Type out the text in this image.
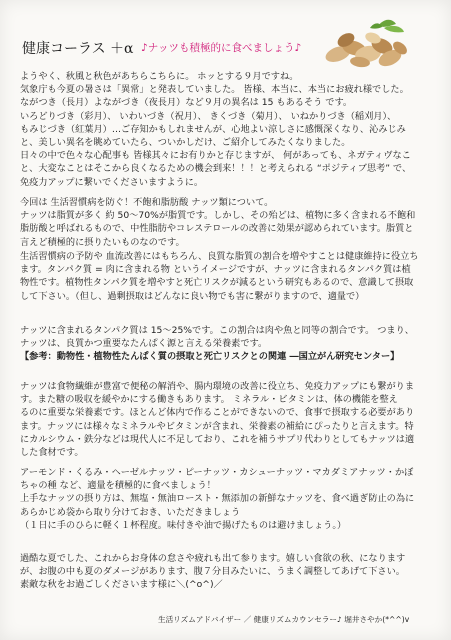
健康コーラス ＋α ♪ナッツも積極的に食べましょう♪
ようやく、秋風と秋色があちらこちらに。 ホッとする９月ですね。
気象庁も今夏の暑さは「異常」と発表していました。 皆様、本当に、本当にお疲れ様でした。
ながつき（長月）よながづき（夜長月）など９月の異名は 15 もあるそう です。
いろどりづき（彩月）、 いわいづき（祝月）、 きくづき（菊月）、 いねかりづき（稲刈月）、
もみじづき（紅葉月）…ご存知かもしれませんが、心地よい涼しさに感慨深くなり、沁みじみ
と、美しい異名を眺めていたら、ついかしだけ、ご紹介してみたくなりました。
日々の中で色々な心配事も 皆様其々にお有りかと存じますが、 何があっても、ネガティヴなこ
と、大変なことはそこから良くなるための機会到来！！！と考えられる “ポジティブ思考” で、
免疫力アップに繋いでくださいますように。
今回は 生活習慣病を防ぐ！不飽和脂肪酸 ナッツ類について。
ナッツは脂質が多く 約 50〜70%が脂質です。しかし、その殆どは、植物に多く含まれる不飽和
脂肪酸と呼ばれるもので、中性脂肪やコレステロールの改善に効果が認められています。脂質と
言えど積極的に摂りたいものなのです。
生活習慣病の予防や 血流改善にはもちろん、良質な脂質の割合を増やすことは健康維持に役立ち
ます。タンパク質 = 肉に含まれる物 というイメージですが、ナッツに含まれるタンパク質は植
物性です。植物性タンパク質を増やすと死亡リスクが減るという研究もあるので、意識して摂取
して下さい。（但し、過剰摂取はどんなに良い物でも害に繋がりますので、適量で）
ナッツに含まれるタンパク質は 15〜25%です。この割合は肉や魚と同等の割合です。 つまり、
ナッツは、良質かつ重要なたんぱく源と言える栄養素です。
【参考：動物性・植物性たんぱく質の摂取と死亡リスクとの関連 ―国立がん研究センター】
ナッツは食物繊維が豊富で便秘の解消や、腸内環境の改善に役立ち、免疫力アップにも繋がりま
す。また糖の吸収を緩やかにする働きもあります。 ミネラル・ビタミンは、体の機能を整え
るのに重要な栄養素です。ほとんど体内で作ることができないので、食事で摂取する必要があり
ます。ナッツには様々なミネラルやビタミンが含まれ、栄養素の補給にぴったりと言えます。特
にカルシウム・鉄分などは現代人に不足しており、これを補うサプリ代わりとしてもナッツは適
した食材です。
アーモンド・くるみ・ヘーゼルナッツ・ピーナッツ・カシューナッツ・マカダミアナッツ・かぼ
ちゃの種 など、適量を積極的に食べましょう！
上手なナッツの摂り方は、無塩・無油ロースト・無添加の新鮮なナッツを、食べ過ぎ防止の為に
あらかじめ袋から取り分けておき、いただきましょう
（１日に手のひらに軽く１杯程度。味付きや油で揚げたものは避けましょう。）
過酷な夏でした、これからお身体の怠さや疲れも出て参ります。嬉しい食欲の秋、になります
が、お腹の中も夏のダメージがあります、腹７分目みたいに、うまく調整してあげて下さい。
素敵な秋をお過ごしくださいます様に＼(^o^)／
生活リズムアドバイザー ／ 健康リズムカウンセラー♪ 堀井さやか(*^^)v
